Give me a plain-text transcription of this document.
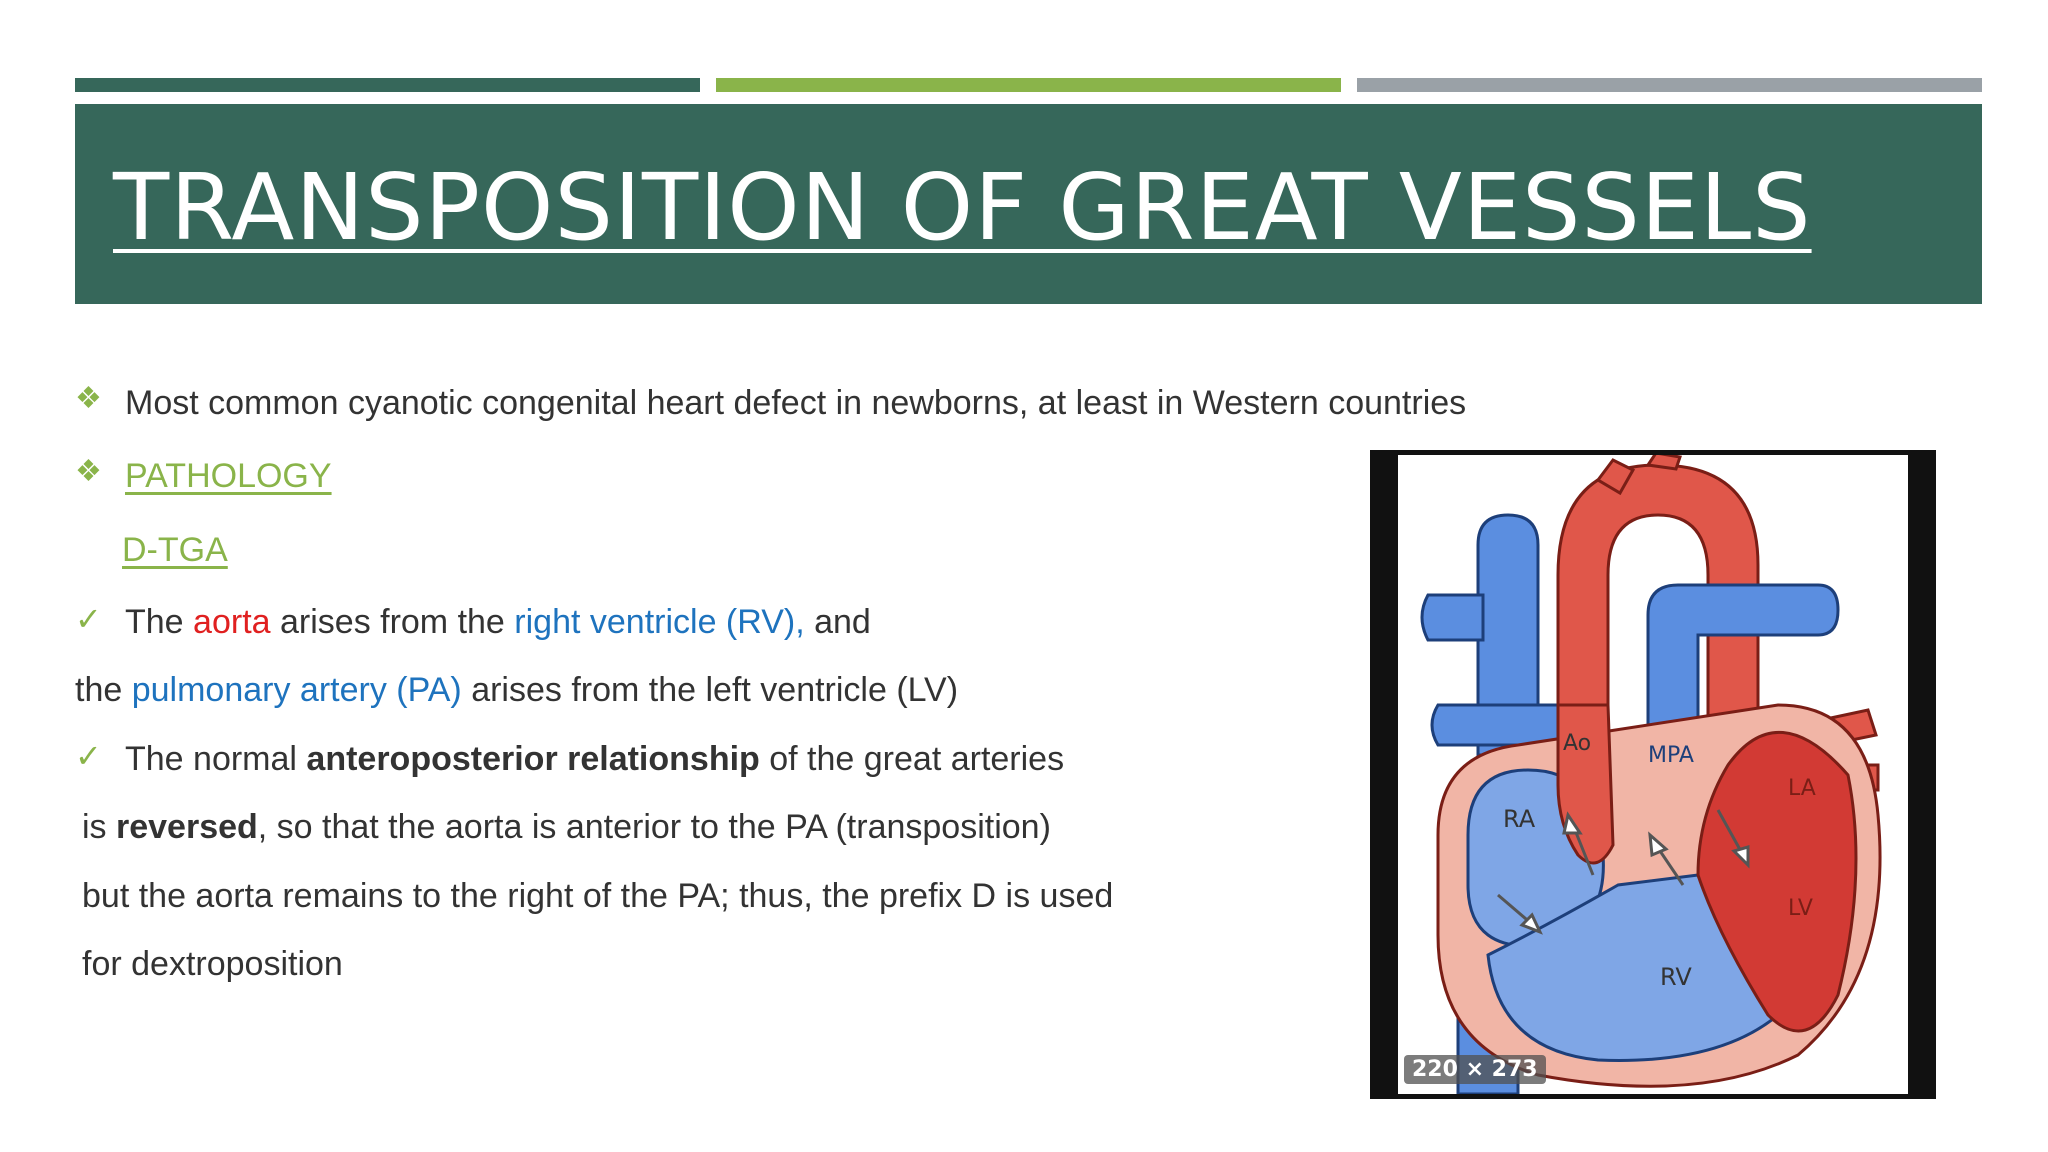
TRANSPOSITION OF GREAT VESSELS
❖ Most common cyanotic congenital heart defect in newborns, at least in Western countries
❖ PATHOLOGY
D-TGA
✓ The aorta arises from the right ventricle (RV), and
the pulmonary artery (PA) arises from the left ventricle (LV)
✓ The normal anteroposterior relationship of the great arteries
is reversed, so that the aorta is anterior to the PA (transposition)
but the aorta remains to the right of the PA; thus, the prefix D is used
for dextroposition
Ao	MPA
RA
LA
LV
RV
220 × 273
